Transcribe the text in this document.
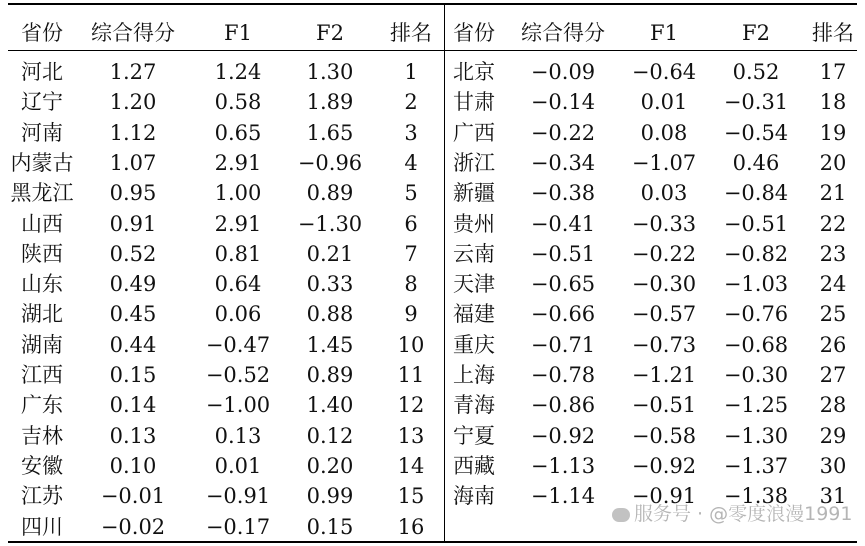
省份	综合得分	F1	F2	排名	省份	综合得分	F1	F2	排名
河北	1.27	1.24	1.30	1	北京	−0.09	−0.64	0.52	17
辽宁	1.20	0.58	1.89	2	甘肃	−0.14	0.01	−0.31	18
河南	1.12	0.65	1.65	3	广西	−0.22	0.08	−0.54	19
内蒙古	1.07	2.91	−0.96	4	浙江	−0.34	−1.07	0.46	20
黑龙江	0.95	1.00	0.89	5	新疆	−0.38	0.03	−0.84	21
山西	0.91	2.91	−1.30	6	贵州	−0.41	−0.33	−0.51	22
陕西	0.52	0.81	0.21	7	云南	−0.51	−0.22	−0.82	23
山东	0.49	0.64	0.33	8	天津	−0.65	−0.30	−1.03	24
湖北	0.45	0.06	0.88	9	福建	−0.66	−0.57	−0.76	25
湖南	0.44	−0.47	1.45	10	重庆	−0.71	−0.73	−0.68	26
江西	0.15	−0.52	0.89	11	上海	−0.78	−1.21	−0.30	27
广东	0.14	−1.00	1.40	12	青海	−0.86	−0.51	−1.25	28
吉林	0.13	0.13	0.12	13	宁夏	−0.92	−0.58	−1.30	29
安徽	0.10	0.01	0.20	14	西藏	−1.13	−0.92	−1.37	30
江苏	−0.01	−0.91	0.99	15	海南	−1.14	−0.91	−1.38	31
四川	−0.02	−0.17	0.15	16
服务号 · @零度浪漫1991
